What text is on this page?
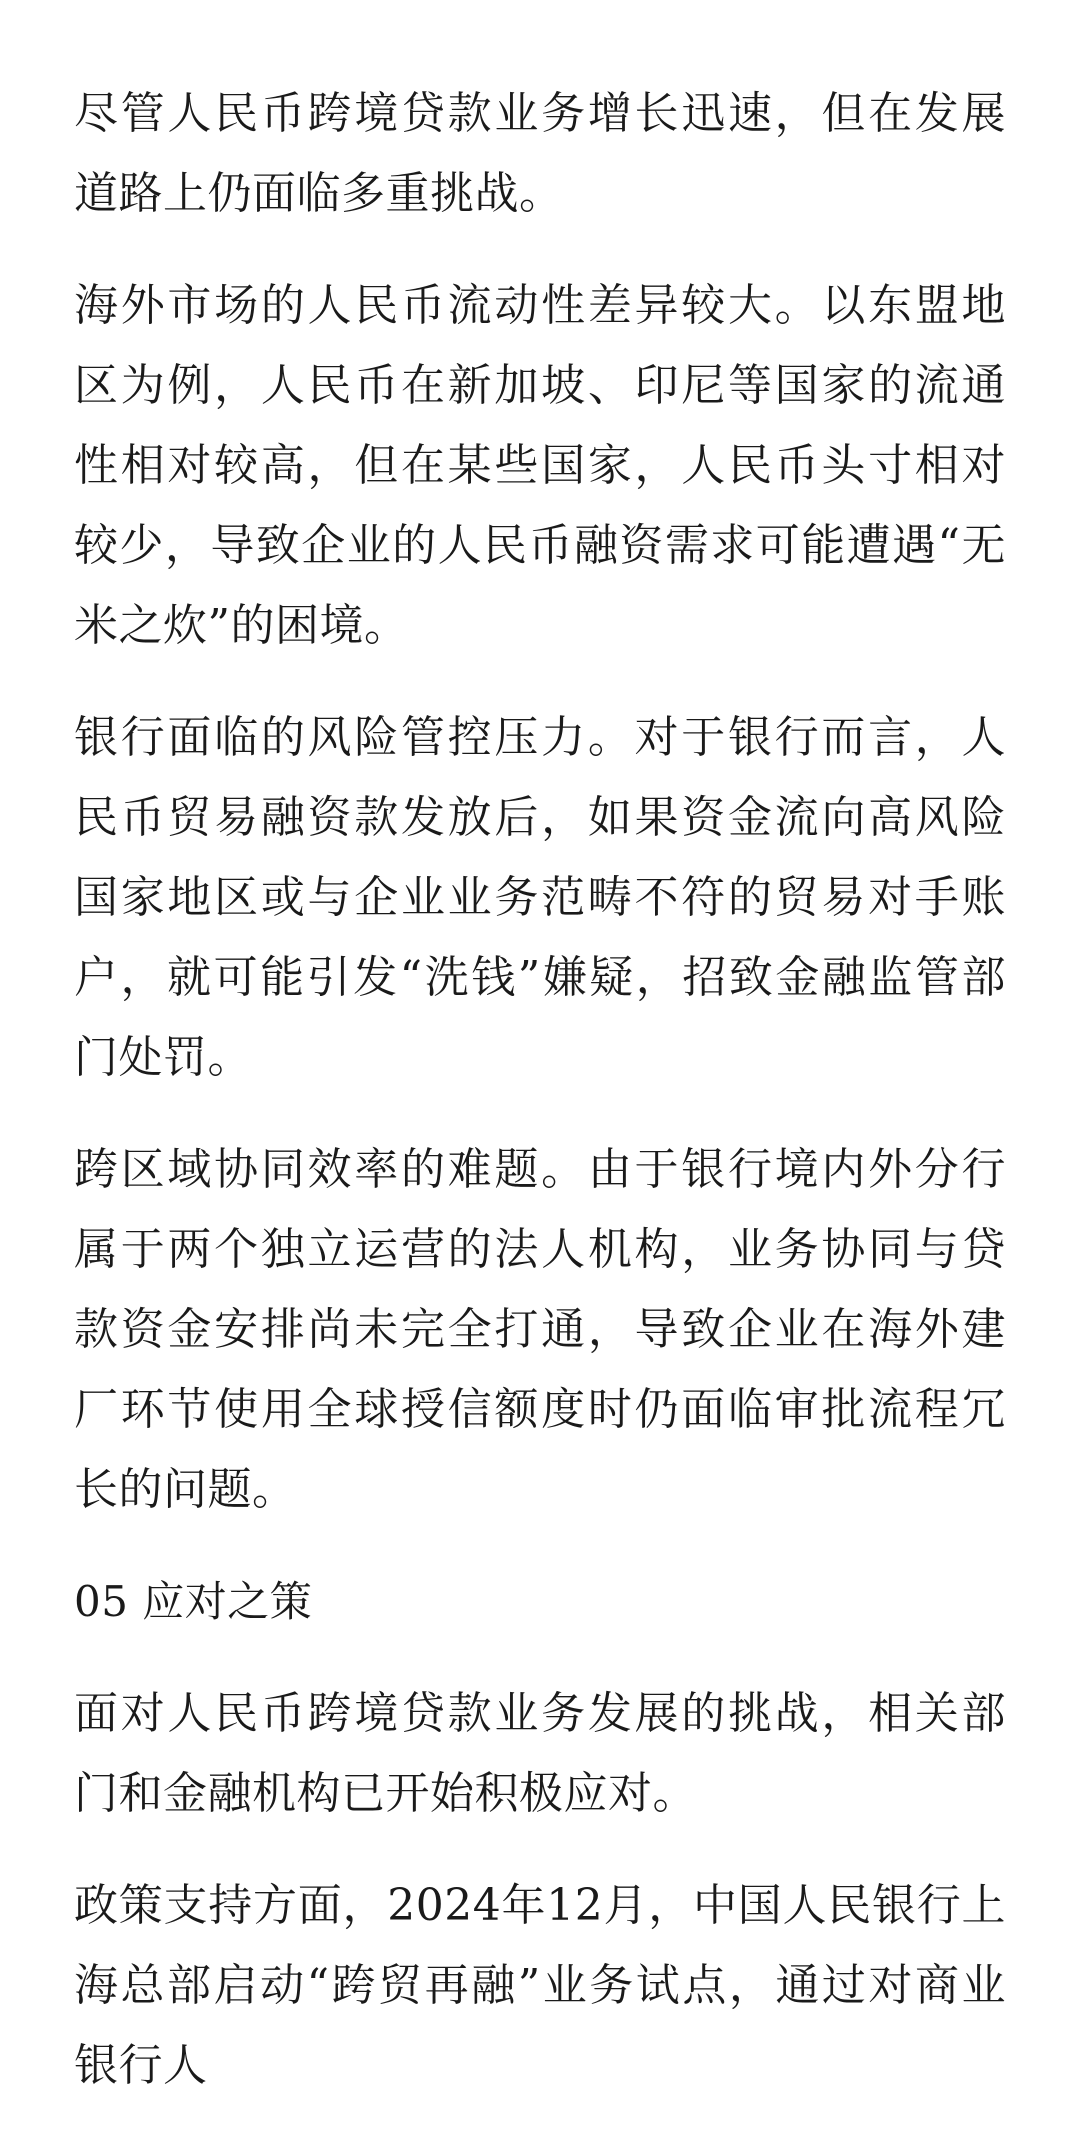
尽管人民币跨境贷款业务增长迅速，但在发展道路上仍面临多重挑战。

海外市场的人民币流动性差异较大。以东盟地区为例，人民币在新加坡、印尼等国家的流通性相对较高，但在某些国家，人民币头寸相对较少，导致企业的人民币融资需求可能遭遇“无米之炊”的困境。

银行面临的风险管控压力。对于银行而言，人民币贸易融资款发放后，如果资金流向高风险国家地区或与企业业务范畴不符的贸易对手账户，就可能引发“洗钱”嫌疑，招致金融监管部门处罚。

跨区域协同效率的难题。由于银行境内外分行属于两个独立运营的法人机构，业务协同与贷款资金安排尚未完全打通，导致企业在海外建厂环节使用全球授信额度时仍面临审批流程冗长的问题。

05 应对之策

面对人民币跨境贷款业务发展的挑战，相关部门和金融机构已开始积极应对。

政策支持方面，2024年12月，中国人民银行上海总部启动“跨贸再融”业务试点，通过对商业银行人
